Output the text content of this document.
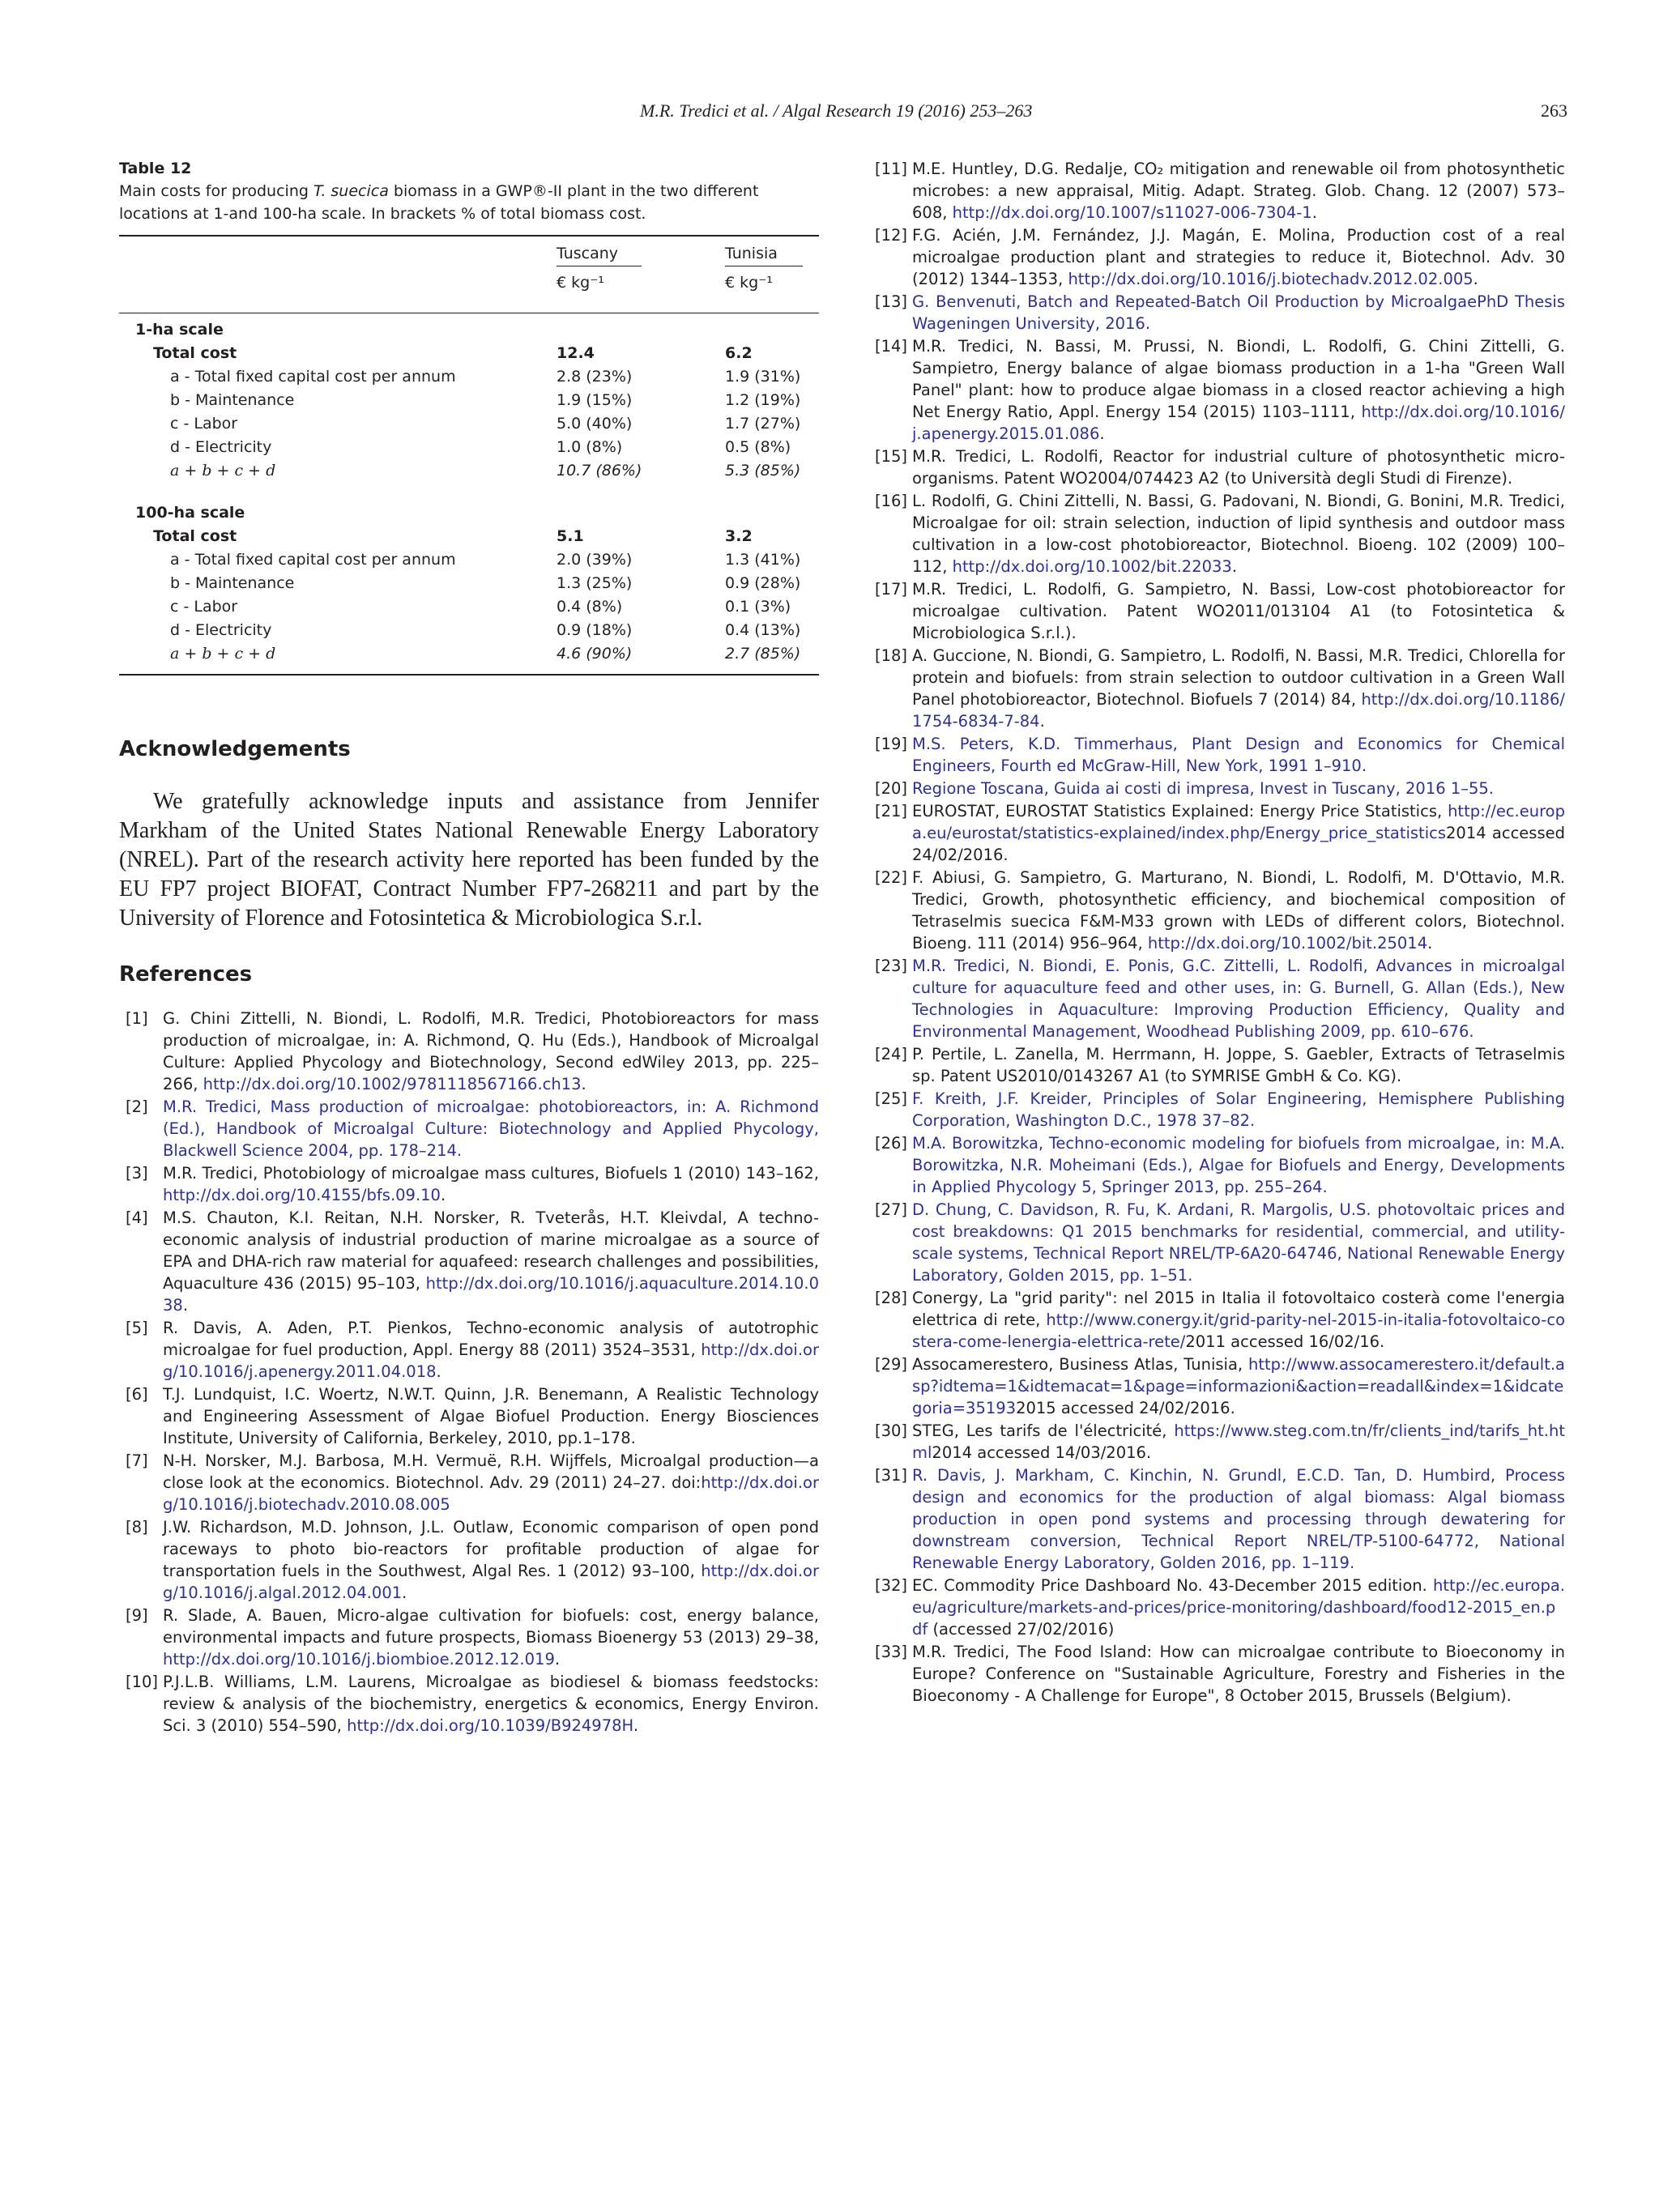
M.R. Tredici et al. / Algal Research 19 (2016) 253–263	263
Table 12
Main costs for producing T. suecica biomass in a GWP®-II plant in the two different locations at 1-and 100-ha scale. In brackets % of total biomass cost.
Tuscany
€ kg⁻¹
Tunisia
€ kg⁻¹
1-ha scale
Total cost	12.4	6.2
a - Total fixed capital cost per annum	2.8 (23%)	1.9 (31%)
b - Maintenance	1.9 (15%)	1.2 (19%)
c - Labor	5.0 (40%)	1.7 (27%)
d - Electricity	1.0 (8%)	0.5 (8%)
a + b + c + d	10.7 (86%)	5.3 (85%)
100-ha scale
Total cost	5.1	3.2
a - Total fixed capital cost per annum	2.0 (39%)	1.3 (41%)
b - Maintenance	1.3 (25%)	0.9 (28%)
c - Labor	0.4 (8%)	0.1 (3%)
d - Electricity	0.9 (18%)	0.4 (13%)
a + b + c + d	4.6 (90%)	2.7 (85%)
Acknowledgements

We gratefully acknowledge inputs and assistance from Jennifer Markham of the United States National Renewable Energy Laboratory (NREL). Part of the research activity here reported has been funded by the EU FP7 project BIOFAT, Contract Number FP7-268211 and part by the University of Florence and Fotosintetica & Microbiologica S.r.l.

References
[1] G. Chini Zittelli, N. Biondi, L. Rodolfi, M.R. Tredici, Photobioreactors for mass production of microalgae, in: A. Richmond, Q. Hu (Eds.), Handbook of Microalgal Culture: Applied Phycology and Biotechnology, Second edWiley 2013, pp. 225–266, http://dx.doi.org/10.1002/9781118567166.ch13.
[2] M.R. Tredici, Mass production of microalgae: photobioreactors, in: A. Richmond (Ed.), Handbook of Microalgal Culture: Biotechnology and Applied Phycology, Blackwell Science 2004, pp. 178–214.
[3] M.R. Tredici, Photobiology of microalgae mass cultures, Biofuels 1 (2010) 143–162, http://dx.doi.org/10.4155/bfs.09.10.
[4] M.S. Chauton, K.I. Reitan, N.H. Norsker, R. Tveterås, H.T. Kleivdal, A techno-economic analysis of industrial production of marine microalgae as a source of EPA and DHA-rich raw material for aquafeed: research challenges and possibilities, Aquaculture 436 (2015) 95–103, http://dx.doi.org/10.1016/j.aquaculture.2014.10.038.
[5] R. Davis, A. Aden, P.T. Pienkos, Techno-economic analysis of autotrophic microalgae for fuel production, Appl. Energy 88 (2011) 3524–3531, http://dx.doi.org/10.1016/j.apenergy.2011.04.018.
[6] T.J. Lundquist, I.C. Woertz, N.W.T. Quinn, J.R. Benemann, A Realistic Technology and Engineering Assessment of Algae Biofuel Production. Energy Biosciences Institute, University of California, Berkeley, 2010, pp.1–178.
[7] N-H. Norsker, M.J. Barbosa, M.H. Vermuë, R.H. Wijffels, Microalgal production—a close look at the economics. Biotechnol. Adv. 29 (2011) 24–27. doi:http://dx.doi.org/10.1016/j.biotechadv.2010.08.005
[8] J.W. Richardson, M.D. Johnson, J.L. Outlaw, Economic comparison of open pond raceways to photo bio-reactors for profitable production of algae for transportation fuels in the Southwest, Algal Res. 1 (2012) 93–100, http://dx.doi.org/10.1016/j.algal.2012.04.001.
[9] R. Slade, A. Bauen, Micro-algae cultivation for biofuels: cost, energy balance, environmental impacts and future prospects, Biomass Bioenergy 53 (2013) 29–38, http://dx.doi.org/10.1016/j.biombioe.2012.12.019.
[10] P.J.L.B. Williams, L.M. Laurens, Microalgae as biodiesel & biomass feedstocks: review & analysis of the biochemistry, energetics & economics, Energy Environ. Sci. 3 (2010) 554–590, http://dx.doi.org/10.1039/B924978H.
[11] M.E. Huntley, D.G. Redalje, CO₂ mitigation and renewable oil from photosynthetic microbes: a new appraisal, Mitig. Adapt. Strateg. Glob. Chang. 12 (2007) 573–608, http://dx.doi.org/10.1007/s11027-006-7304-1.
[12] F.G. Acién, J.M. Fernández, J.J. Magán, E. Molina, Production cost of a real microalgae production plant and strategies to reduce it, Biotechnol. Adv. 30 (2012) 1344–1353, http://dx.doi.org/10.1016/j.biotechadv.2012.02.005.
[13] G. Benvenuti, Batch and Repeated-Batch Oil Production by MicroalgaePhD Thesis Wageningen University, 2016.
[14] M.R. Tredici, N. Bassi, M. Prussi, N. Biondi, L. Rodolfi, G. Chini Zittelli, G. Sampietro, Energy balance of algae biomass production in a 1-ha "Green Wall Panel" plant: how to produce algae biomass in a closed reactor achieving a high Net Energy Ratio, Appl. Energy 154 (2015) 1103–1111, http://dx.doi.org/10.1016/j.apenergy.2015.01.086.
[15] M.R. Tredici, L. Rodolfi, Reactor for industrial culture of photosynthetic micro-organisms. Patent WO2004/074423 A2 (to Università degli Studi di Firenze).
[16] L. Rodolfi, G. Chini Zittelli, N. Bassi, G. Padovani, N. Biondi, G. Bonini, M.R. Tredici, Microalgae for oil: strain selection, induction of lipid synthesis and outdoor mass cultivation in a low-cost photobioreactor, Biotechnol. Bioeng. 102 (2009) 100–112, http://dx.doi.org/10.1002/bit.22033.
[17] M.R. Tredici, L. Rodolfi, G. Sampietro, N. Bassi, Low-cost photobioreactor for microalgae cultivation. Patent WO2011/013104 A1 (to Fotosintetica & Microbiologica S.r.l.).
[18] A. Guccione, N. Biondi, G. Sampietro, L. Rodolfi, N. Bassi, M.R. Tredici, Chlorella for protein and biofuels: from strain selection to outdoor cultivation in a Green Wall Panel photobioreactor, Biotechnol. Biofuels 7 (2014) 84, http://dx.doi.org/10.1186/1754-6834-7-84.
[19] M.S. Peters, K.D. Timmerhaus, Plant Design and Economics for Chemical Engineers, Fourth ed McGraw-Hill, New York, 1991 1–910.
[20] Regione Toscana, Guida ai costi di impresa, Invest in Tuscany, 2016 1–55.
[21] EUROSTAT, EUROSTAT Statistics Explained: Energy Price Statistics, http://ec.europa.eu/eurostat/statistics-explained/index.php/Energy_price_statistics2014 accessed 24/02/2016.
[22] F. Abiusi, G. Sampietro, G. Marturano, N. Biondi, L. Rodolfi, M. D'Ottavio, M.R. Tredici, Growth, photosynthetic efficiency, and biochemical composition of Tetraselmis suecica F&M-M33 grown with LEDs of different colors, Biotechnol. Bioeng. 111 (2014) 956–964, http://dx.doi.org/10.1002/bit.25014.
[23] M.R. Tredici, N. Biondi, E. Ponis, G.C. Zittelli, L. Rodolfi, Advances in microalgal culture for aquaculture feed and other uses, in: G. Burnell, G. Allan (Eds.), New Technologies in Aquaculture: Improving Production Efficiency, Quality and Environmental Management, Woodhead Publishing 2009, pp. 610–676.
[24] P. Pertile, L. Zanella, M. Herrmann, H. Joppe, S. Gaebler, Extracts of Tetraselmis sp. Patent US2010/0143267 A1 (to SYMRISE GmbH & Co. KG).
[25] F. Kreith, J.F. Kreider, Principles of Solar Engineering, Hemisphere Publishing Corporation, Washington D.C., 1978 37–82.
[26] M.A. Borowitzka, Techno-economic modeling for biofuels from microalgae, in: M.A. Borowitzka, N.R. Moheimani (Eds.), Algae for Biofuels and Energy, Developments in Applied Phycology 5, Springer 2013, pp. 255–264.
[27] D. Chung, C. Davidson, R. Fu, K. Ardani, R. Margolis, U.S. photovoltaic prices and cost breakdowns: Q1 2015 benchmarks for residential, commercial, and utility-scale systems, Technical Report NREL/TP-6A20-64746, National Renewable Energy Laboratory, Golden 2015, pp. 1–51.
[28] Conergy, La "grid parity": nel 2015 in Italia il fotovoltaico costerà come l'energia elettrica di rete, http://www.conergy.it/grid-parity-nel-2015-in-italia-fotovoltaico-costera-come-lenergia-elettrica-rete/2011 accessed 16/02/16.
[29] Assocamerestero, Business Atlas, Tunisia, http://www.assocamerestero.it/default.asp?idtema=1&idtemacat=1&page=informazioni&action=readall&index=1&idcategoria=351932015 accessed 24/02/2016.
[30] STEG, Les tarifs de l'électricité, https://www.steg.com.tn/fr/clients_ind/tarifs_ht.html2014 accessed 14/03/2016.
[31] R. Davis, J. Markham, C. Kinchin, N. Grundl, E.C.D. Tan, D. Humbird, Process design and economics for the production of algal biomass: Algal biomass production in open pond systems and processing through dewatering for downstream conversion, Technical Report NREL/TP-5100-64772, National Renewable Energy Laboratory, Golden 2016, pp. 1–119.
[32] EC. Commodity Price Dashboard No. 43-December 2015 edition. http://ec.europa.eu/agriculture/markets-and-prices/price-monitoring/dashboard/food12-2015_en.pdf (accessed 27/02/2016)
[33] M.R. Tredici, The Food Island: How can microalgae contribute to Bioeconomy in Europe? Conference on "Sustainable Agriculture, Forestry and Fisheries in the Bioeconomy - A Challenge for Europe", 8 October 2015, Brussels (Belgium).
